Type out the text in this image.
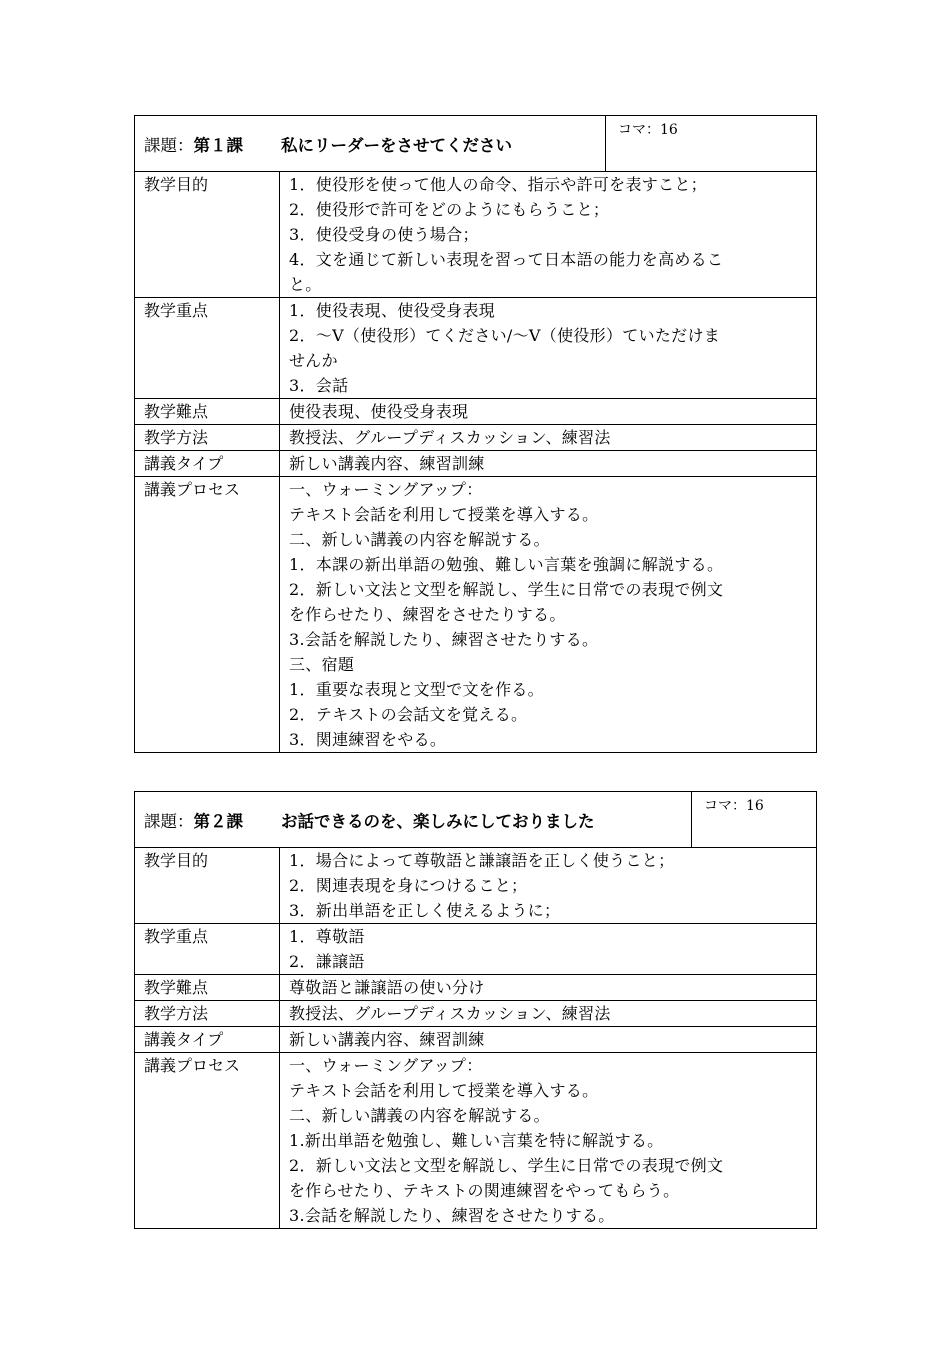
課題： 第１課 私にリーダーをさせてください
コマ：16
教学目的	1．使役形を使って他人の命令、指示や許可を表すこと；
2．使役形で許可をどのようにもらうこと；
3．使役受身の使う場合；
4．文を通じて新しい表現を習って日本語の能力を高めるこ
と。
教学重点	1．使役表現、使役受身表現
2．～V（使役形）てください/～V（使役形）ていただけま
せんか
3．会話
教学難点	使役表現、使役受身表現
教学方法	教授法、グループディスカッション、練習法
講義タイプ	新しい講義内容、練習訓練
講義プロセス	一、ウォーミングアップ：
テキスト会話を利用して授業を導入する。
二、新しい講義の内容を解説する。
1．本課の新出単語の勉強、難しい言葉を強調に解説する。
2．新しい文法と文型を解説し、学生に日常での表現で例文
を作らせたり、練習をさせたりする。
3.会話を解説したり、練習させたりする。
三、宿題
1．重要な表現と文型で文を作る。
2．テキストの会話文を覚える。
3．関連練習をやる。
課題： 第２課 お話できるのを、楽しみにしておりました
コマ：16
教学目的	1．場合によって尊敬語と謙譲語を正しく使うこと；
2．関連表現を身につけること；
3．新出単語を正しく使えるように；
教学重点	1．尊敬語
2．謙譲語
教学難点	尊敬語と謙譲語の使い分け
教学方法	教授法、グループディスカッション、練習法
講義タイプ	新しい講義内容、練習訓練
講義プロセス	一、ウォーミングアップ：
テキスト会話を利用して授業を導入する。
二、新しい講義の内容を解説する。
1.新出単語を勉強し、難しい言葉を特に解説する。
2．新しい文法と文型を解説し、学生に日常での表現で例文
を作らせたり、テキストの関連練習をやってもらう。
3.会話を解説したり、練習をさせたりする。
